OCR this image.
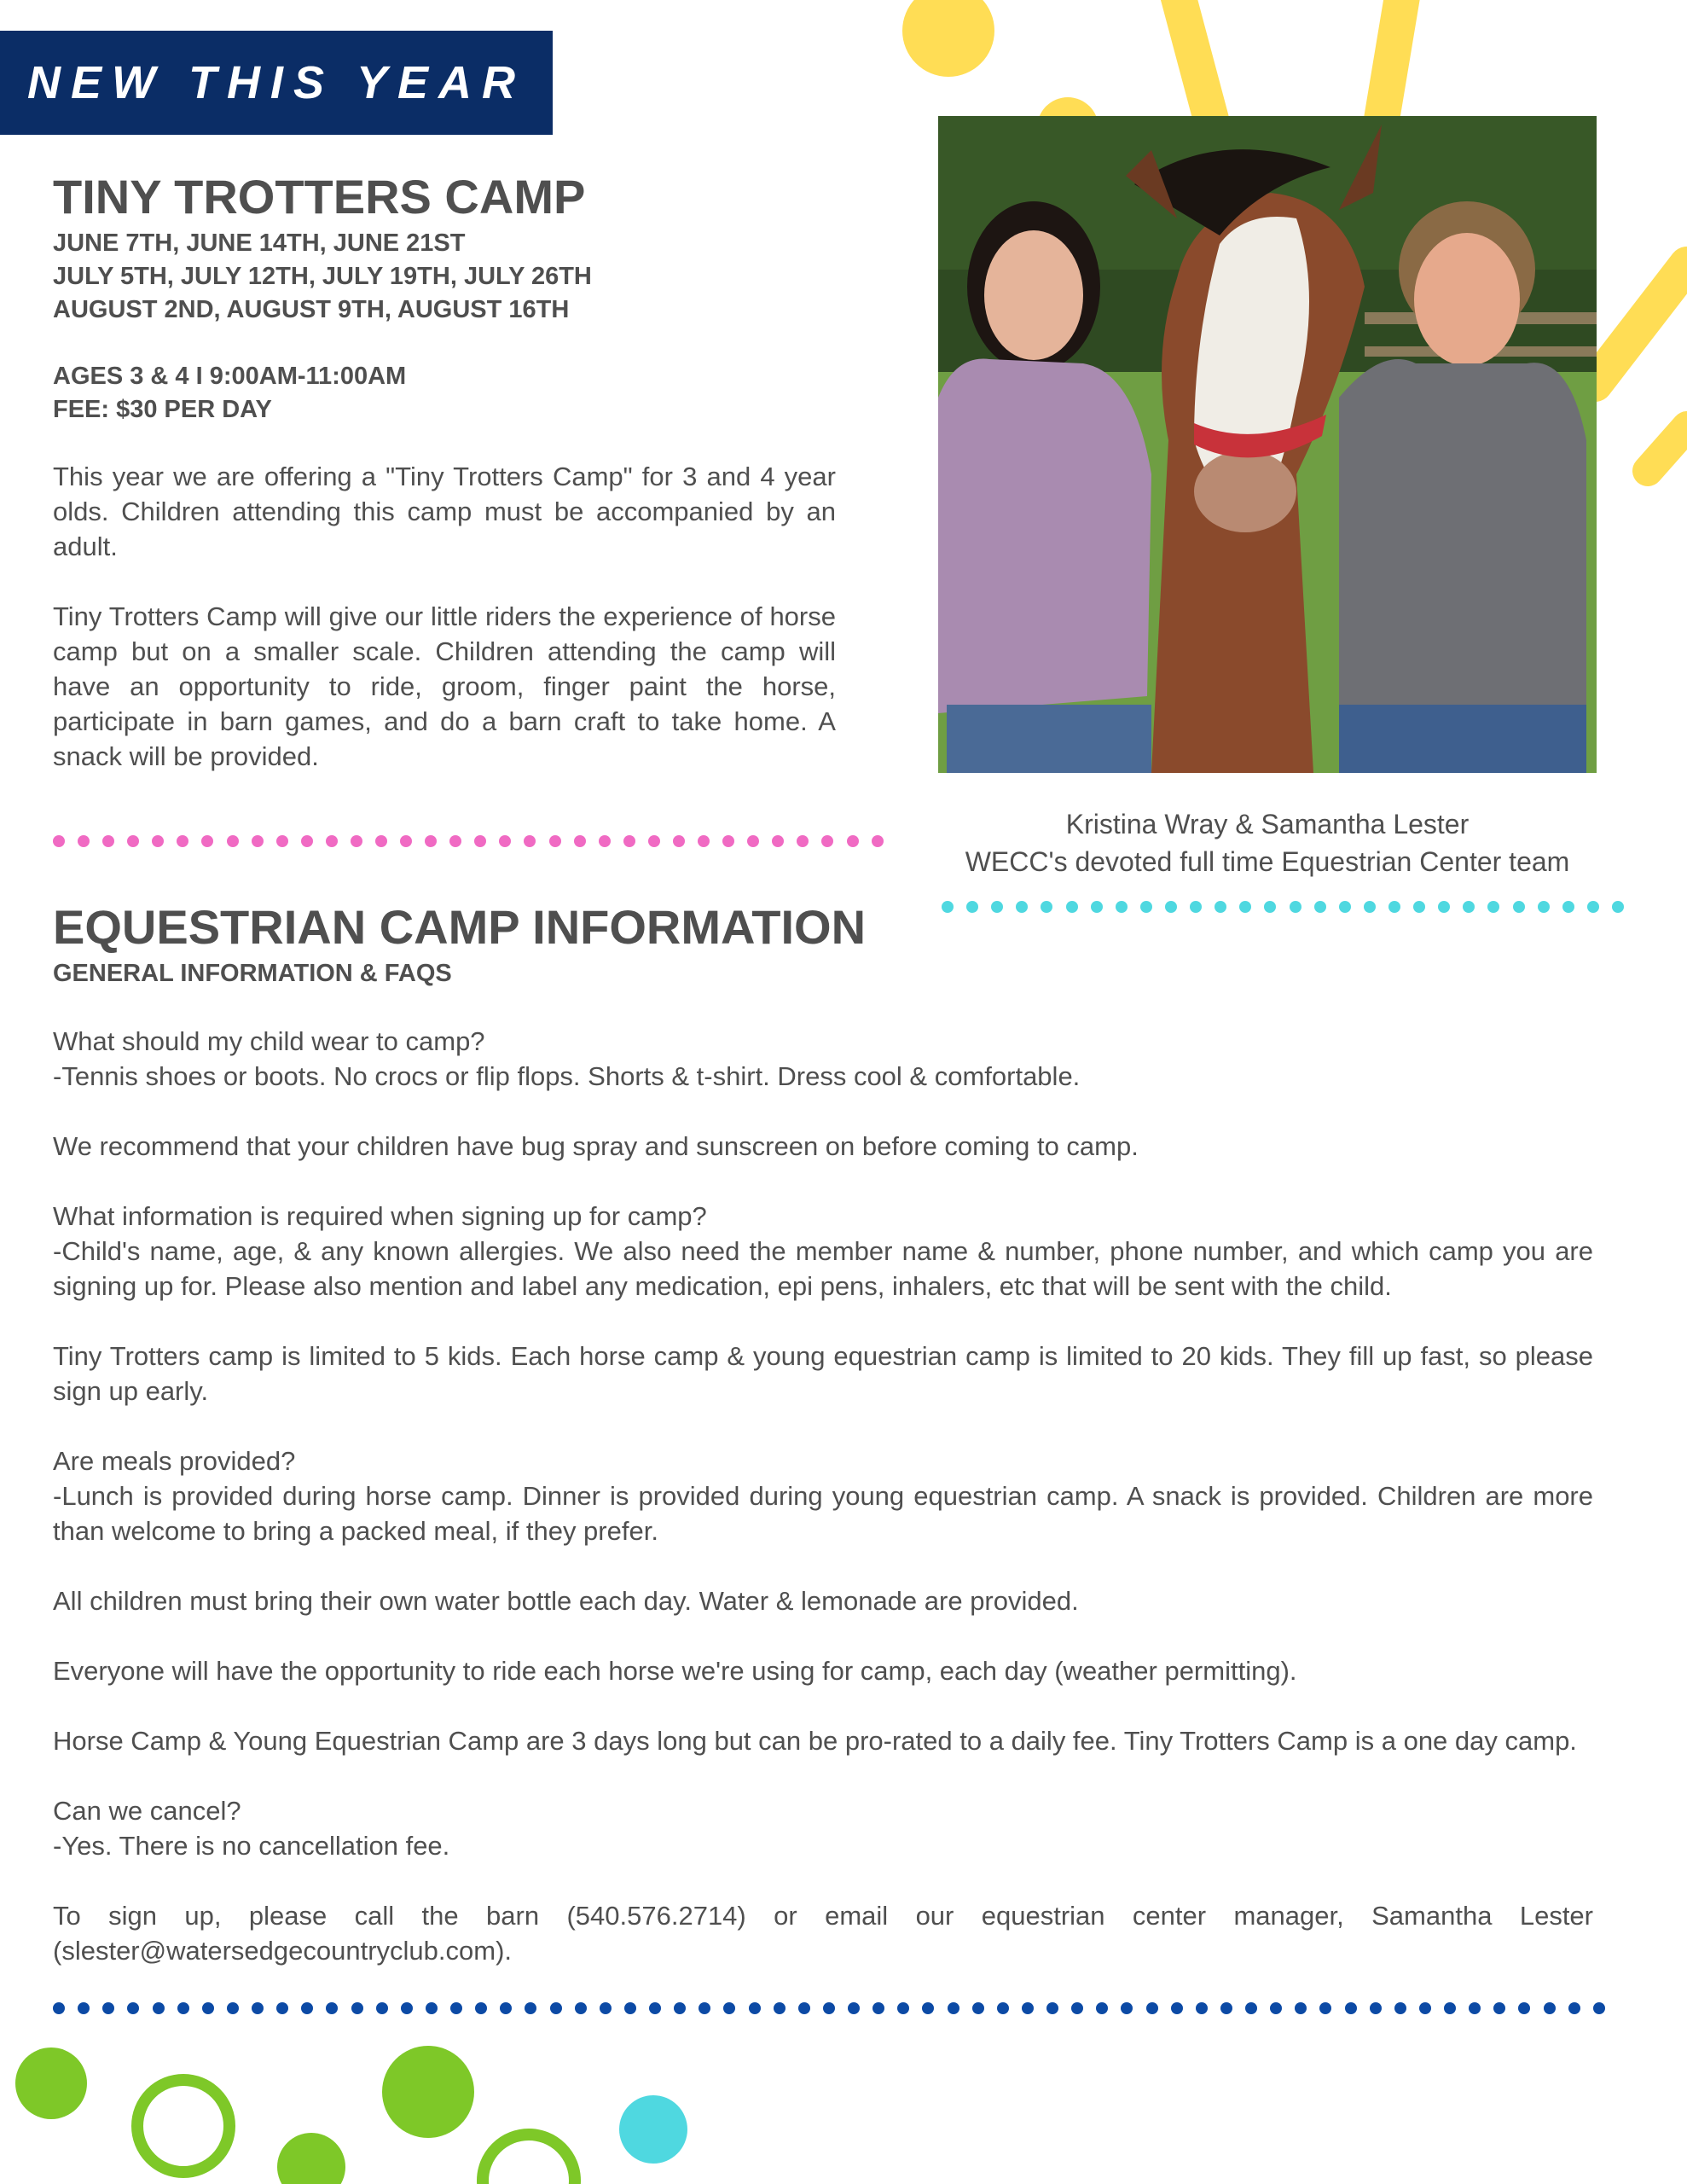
NEW THIS YEAR
TINY TROTTERS CAMP
JUNE 7TH, JUNE 14TH, JUNE 21ST
JULY 5TH, JULY 12TH, JULY 19TH, JULY 26TH
AUGUST 2ND, AUGUST 9TH, AUGUST 16TH
AGES 3 & 4 I 9:00AM-11:00AM
FEE: $30 PER DAY

This year we are offering a "Tiny Trotters Camp" for 3 and 4 year olds. Children attending this camp must be accompanied by an adult.

Tiny Trotters Camp will give our little riders the experience of horse camp but on a smaller scale. Children attending the camp will have an opportunity to ride, groom, finger paint the horse, participate in barn games, and do a barn craft to take home. A snack will be provided.

Kristina Wray & Samantha Lester
WECC's devoted full time Equestrian Center team
EQUESTRIAN CAMP INFORMATION
GENERAL INFORMATION & FAQS

What should my child wear to camp?

-Tennis shoes or boots. No crocs or flip flops. Shorts & t-shirt. Dress cool & comfortable.

We recommend that your children have bug spray and sunscreen on before coming to camp.

What information is required when signing up for camp?

-Child's name, age, & any known allergies. We also need the member name & number, phone number, and which camp you are signing up for. Please also mention and label any medication, epi pens, inhalers, etc that will be sent with the child.

Tiny Trotters camp is limited to 5 kids. Each horse camp & young equestrian camp is limited to 20 kids. They fill up fast, so please sign up early.

Are meals provided?

-Lunch is provided during horse camp. Dinner is provided during young equestrian camp. A snack is provided. Children are more than welcome to bring a packed meal, if they prefer.

All children must bring their own water bottle each day. Water & lemonade are provided.

Everyone will have the opportunity to ride each horse we're using for camp, each day (weather permitting).

Horse Camp & Young Equestrian Camp are 3 days long but can be pro-rated to a daily fee. Tiny Trotters Camp is a one day camp.

Can we cancel?

-Yes. There is no cancellation fee.

To sign up, please call the barn (540.576.2714) or email our equestrian center manager, Samantha Lester (slester@watersedgecountryclub.com).
